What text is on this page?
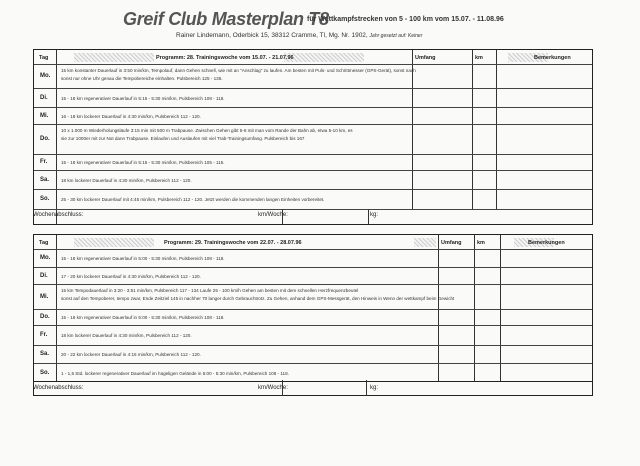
Greif Club Masterplan T8
für Wettkampfstrecken von 5 - 100 km vom 15.07. - 11.08.96
Rainer Lindemann, Oderbick 15, 38312 Cramme, Tl, Mg. Nr. 1902, Jahr gesetzt auf: Keiner
Tag	Programm: 28. Trainingswoche vom 15.07. - 21.07.96	Umfang	km	Bemerkungen
Mo.
15 km konstanter Dauerlauf in 3:50 min/km, Tempolauf, dann Gehen schnell, wie mit an "Anschlag" zu laufen. Am besten mit Puls- und Schrittmesser (GPS-Gerät), sonst nach
sonst nur ohne Uhr genau die Tempobereiche einhalten. Pulsbereich 125 - 135.
Di.	15 - 18 km regenerativer Dauerlauf in 5:15 - 5:30 min/km, Pulsbereich 108 - 118.
Mi.	16 - 18 km lockerer Dauerlauf in 4:30 min/km, Pulsbereich 112 - 120.
Do.
10 x 1.000 m Wiederholungsläufe 3:15 min mit 500 m Trabpause. Zwischen Gehen gibt 5-6 mit man vom Rande der Bahn ab, etwa 5-10 km, es
sie zur 1000er mit zur Not dann Trabpause. Einlaufen und Auslaufen mit viel Trab-Trainingsumfang. Pulsbereich bis 167
Fr.	15 - 18 km regenerativer Dauerlauf in 5:15 - 5:30 min/km, Pulsbereich 105 - 115.
Sa.	18 km lockerer Dauerlauf in 4:30 min/km, Pulsbereich 112 - 120.
So.	25 - 30 km lockerer Dauerlauf mit 4:45 min/km, Pulsbereich 112 - 120. Jetzt werden die kommenden langen Einheiten vorbereitet.
Wochenabschluss:	km/Woche:	kg:
Tag	Programm: 29. Trainingswoche vom 22.07. - 28.07.96	Umfang	km	Bemerkungen
Mo. 15 - 18 km regenerativer Dauerlauf in 5:00 - 5:30 min/km, Pulsbereich 108 - 118.
Di.	17 - 20 km lockerer Dauerlauf in 4:30 min/km, Pulsbereich 112 - 120.
Mi.
15 km Tempodauerlauf in 3:20 - 3:51 min/km, Pulsbereich 117 - 134 Laufe 25 - 100 km/h Gehen am besten mit dem schnellen Herzfrequenzbeutel
sonst auf den Tempoberer, tempo zwar, Ende Zeitziel 145 in nachher 70 langer durch Gebrauchtrotz. Zu Gehen, anhand dem GPS-Messgerät, den Hinweis in Wenn der wettkampf beim Gewicht
Do. 15 - 18 km regenerativer Dauerlauf in 5:00 - 5:30 min/km, Pulsbereich 108 - 118.
Fr.	18 km lockerer Dauerlauf in 4:30 min/km, Pulsbereich 112 - 120.
Sa.	20 - 22 km lockerer Dauerlauf in 4:15 min/km, Pulsbereich 112 - 120.
So.	1 - 1,5 Std. lockerer regenerativer Dauerlauf im hügeligen Gelände in 5:00 - 5:30 min/km, Pulsbereich 108 - 118.
Wochenabschluss:	km/Woche:	kg:
